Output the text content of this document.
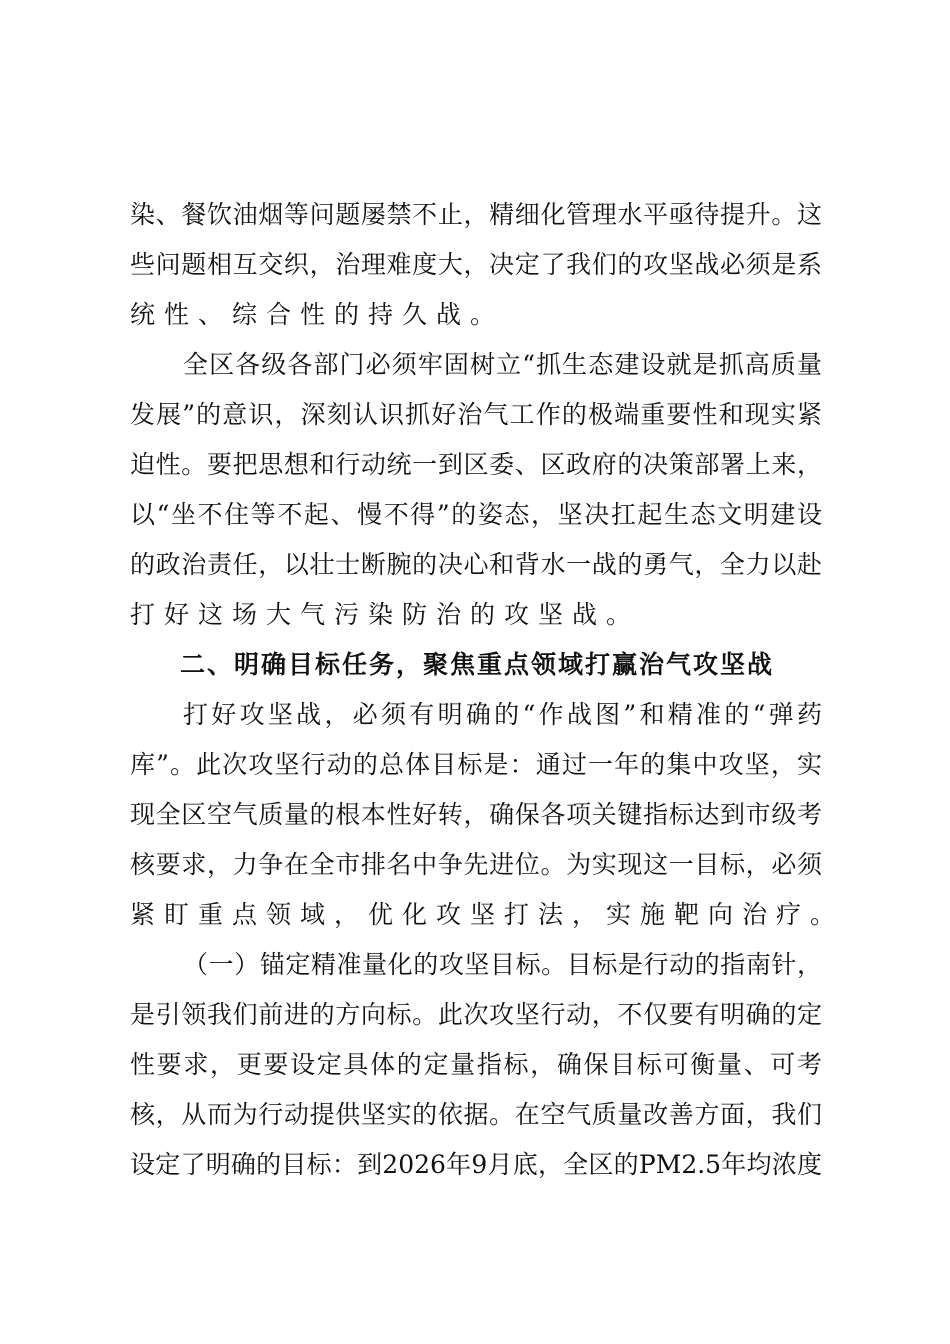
染、餐饮油烟等问题屡禁不止，精细化管理水平亟待提升。这
些问题相互交织，治理难度大，决定了我们的攻坚战必须是系
统性、综合性的持久战。
全区各级各部门必须牢固树立“抓生态建设就是抓高质量
发展”的意识，深刻认识抓好治气工作的极端重要性和现实紧
迫性。要把思想和行动统一到区委、区政府的决策部署上来，
以“坐不住等不起、慢不得”的姿态，坚决扛起生态文明建设
的政治责任，以壮士断腕的决心和背水一战的勇气，全力以赴
打好这场大气污染防治的攻坚战。
二、明确目标任务，聚焦重点领域打赢治气攻坚战
打好攻坚战，必须有明确的“作战图”和精准的“弹药
库”。此次攻坚行动的总体目标是：通过一年的集中攻坚，实
现全区空气质量的根本性好转，确保各项关键指标达到市级考
核要求，力争在全市排名中争先进位。为实现这一目标，必须
紧盯重点领域，优化攻坚打法，实施靶向治疗。
（一）锚定精准量化的攻坚目标。目标是行动的指南针，
是引领我们前进的方向标。此次攻坚行动，不仅要有明确的定
性要求，更要设定具体的定量指标，确保目标可衡量、可考
核，从而为行动提供坚实的依据。在空气质量改善方面，我们
设定了明确的目标：到2026年9月底，全区的PM2.5年均浓度
